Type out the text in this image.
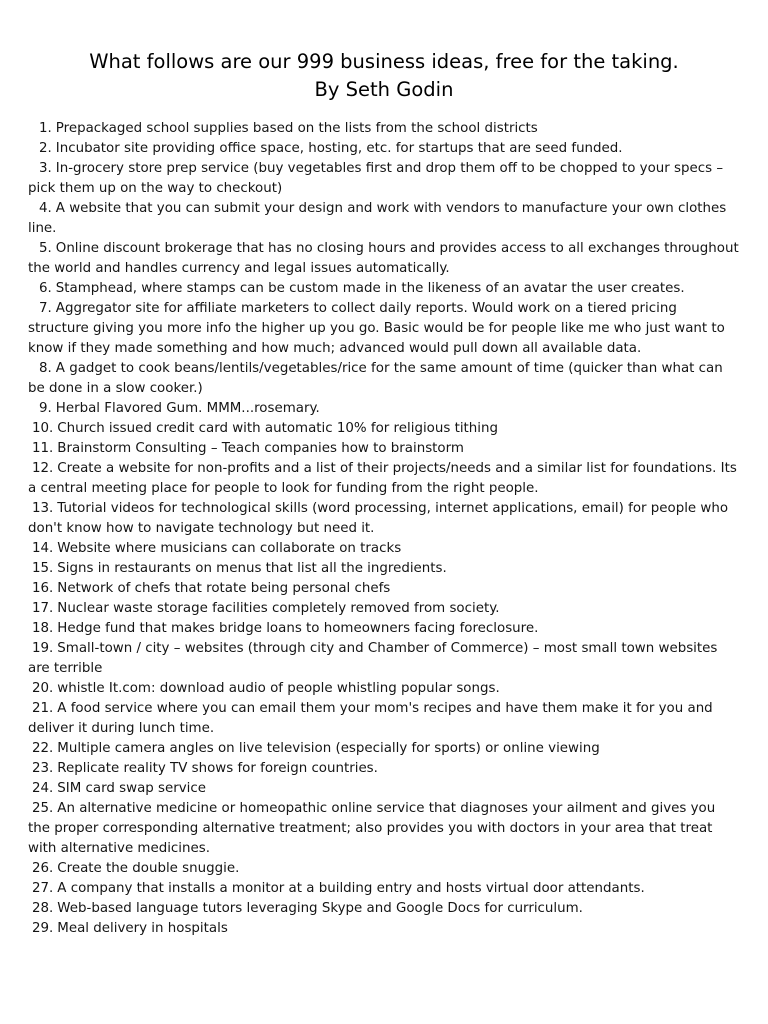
What follows are our 999 business ideas, free for the taking.
By Seth Godin
1. Prepackaged school supplies based on the lists from the school districts
2. Incubator site providing office space, hosting, etc. for startups that are seed funded.
3. In-grocery store prep service (buy vegetables first and drop them off to be chopped to your specs – pick them up on the way to checkout)
4. A website that you can submit your design and work with vendors to manufacture your own clothes line.
5. Online discount brokerage that has no closing hours and provides access to all exchanges throughout the world and handles currency and legal issues automatically.
6. Stamphead, where stamps can be custom made in the likeness of an avatar the user creates.
7. Aggregator site for affiliate marketers to collect daily reports. Would work on a tiered pricing structure giving you more info the higher up you go. Basic would be for people like me who just want to know if they made something and how much; advanced would pull down all available data.
8. A gadget to cook beans/lentils/vegetables/rice for the same amount of time (quicker than what can be done in a slow cooker.)
9. Herbal Flavored Gum. MMM...rosemary.
10. Church issued credit card with automatic 10% for religious tithing
11. Brainstorm Consulting – Teach companies how to brainstorm
12. Create a website for non-profits and a list of their projects/needs and a similar list for foundations. Its a central meeting place for people to look for funding from the right people.
13. Tutorial videos for technological skills (word processing, internet applications, email) for people who don't know how to navigate technology but need it.
14. Website where musicians can collaborate on tracks
15. Signs in restaurants on menus that list all the ingredients.
16. Network of chefs that rotate being personal chefs
17. Nuclear waste storage facilities completely removed from society.
18. Hedge fund that makes bridge loans to homeowners facing foreclosure.
19. Small-town / city – websites (through city and Chamber of Commerce) – most small town websites are terrible
20. whistle It.com: download audio of people whistling popular songs.
21. A food service where you can email them your mom's recipes and have them make it for you and deliver it during lunch time.
22. Multiple camera angles on live television (especially for sports) or online viewing
23. Replicate reality TV shows for foreign countries.
24. SIM card swap service
25. An alternative medicine or homeopathic online service that diagnoses your ailment and gives you the proper corresponding alternative treatment; also provides you with doctors in your area that treat with alternative medicines.
26. Create the double snuggie.
27. A company that installs a monitor at a building entry and hosts virtual door attendants.
28. Web-based language tutors leveraging Skype and Google Docs for curriculum.
29. Meal delivery in hospitals
